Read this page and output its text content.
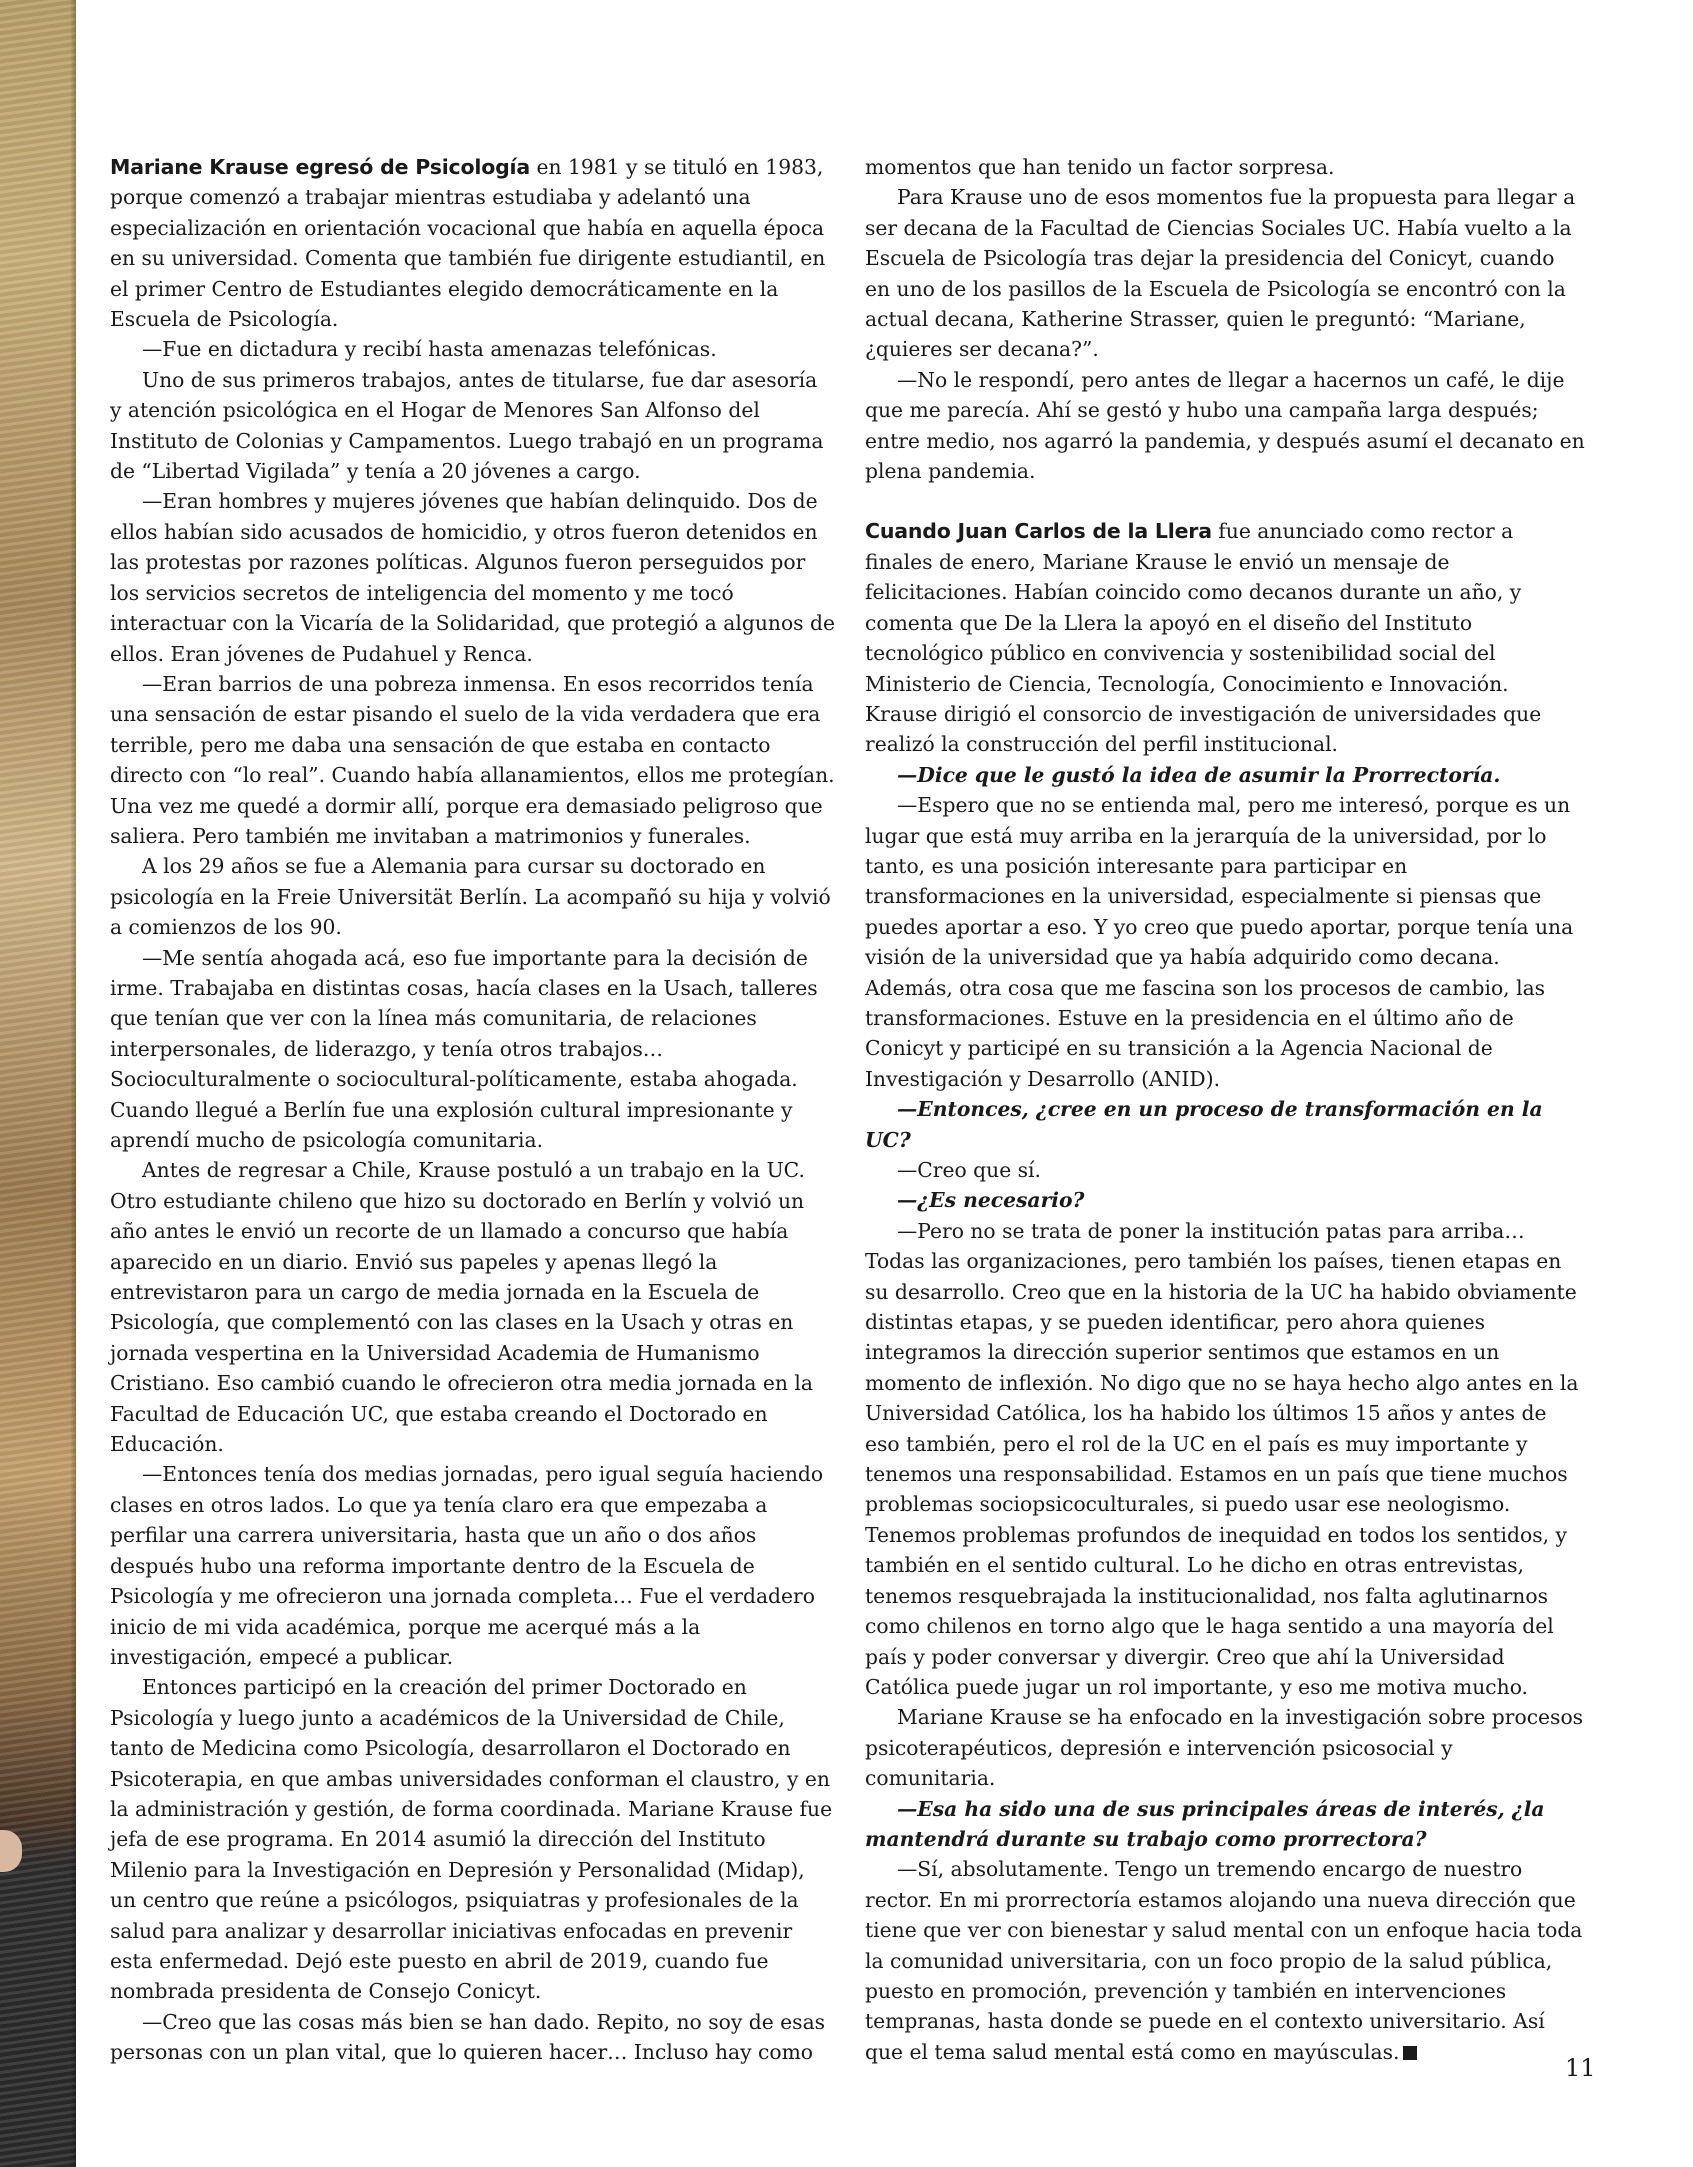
Mariane Krause egresó de Psicología en 1981 y se tituló en 1983, porque comenzó a trabajar mientras estudiaba y adelantó una especialización en orientación vocacional que había en aquella época en su universidad. Comenta que también fue dirigente estudiantil, en el primer Centro de Estudiantes elegido democráticamente en la Escuela de Psicología.

—Fue en dictadura y recibí hasta amenazas telefónicas.

Uno de sus primeros trabajos, antes de titularse, fue dar asesoría y atención psicológica en el Hogar de Menores San Alfonso del Instituto de Colonias y Campamentos. Luego trabajó en un programa de “Libertad Vigilada” y tenía a 20 jóvenes a cargo.

—Eran hombres y mujeres jóvenes que habían delinquido. Dos de ellos habían sido acusados de homicidio, y otros fueron detenidos en las protestas por razones políticas. Algunos fueron perseguidos por los servicios secretos de inteligencia del momento y me tocó interactuar con la Vicaría de la Solidaridad, que protegió a algunos de ellos. Eran jóvenes de Pudahuel y Renca.

—Eran barrios de una pobreza inmensa. En esos recorridos tenía una sensación de estar pisando el suelo de la vida verdadera que era terrible, pero me daba una sensación de que estaba en contacto directo con “lo real”. Cuando había allanamientos, ellos me protegían. Una vez me quedé a dormir allí, porque era demasiado peligroso que saliera. Pero también me invitaban a matrimonios y funerales.

A los 29 años se fue a Alemania para cursar su doctorado en psicología en la Freie Universität Berlín. La acompañó su hija y volvió a comienzos de los 90.

—Me sentía ahogada acá, eso fue importante para la decisión de irme. Trabajaba en distintas cosas, hacía clases en la Usach, talleres que tenían que ver con la línea más comunitaria, de relaciones interpersonales, de liderazgo, y tenía otros trabajos… Socioculturalmente o sociocultural-políticamente, estaba ahogada. Cuando llegué a Berlín fue una explosión cultural impresionante y aprendí mucho de psicología comunitaria.

Antes de regresar a Chile, Krause postuló a un trabajo en la UC. Otro estudiante chileno que hizo su doctorado en Berlín y volvió un año antes le envió un recorte de un llamado a concurso que había aparecido en un diario. Envió sus papeles y apenas llegó la entrevistaron para un cargo de media jornada en la Escuela de Psicología, que complementó con las clases en la Usach y otras en jornada vespertina en la Universidad Academia de Humanismo Cristiano. Eso cambió cuando le ofrecieron otra media jornada en la Facultad de Educación UC, que estaba creando el Doctorado en Educación.

—Entonces tenía dos medias jornadas, pero igual seguía haciendo clases en otros lados. Lo que ya tenía claro era que empezaba a perfilar una carrera universitaria, hasta que un año o dos años después hubo una reforma importante dentro de la Escuela de Psicología y me ofrecieron una jornada completa… Fue el verdadero inicio de mi vida académica, porque me acerqué más a la investigación, empecé a publicar.

Entonces participó en la creación del primer Doctorado en Psicología y luego junto a académicos de la Universidad de Chile, tanto de Medicina como Psicología, desarrollaron el Doctorado en Psicoterapia, en que ambas universidades conforman el claustro, y en la administración y gestión, de forma coordinada. Mariane Krause fue jefa de ese programa. En 2014 asumió la dirección del Instituto Milenio para la Investigación en Depresión y Personalidad (Midap), un centro que reúne a psicólogos, psiquiatras y profesionales de la salud para analizar y desarrollar iniciativas enfocadas en prevenir esta enfermedad. Dejó este puesto en abril de 2019, cuando fue nombrada presidenta de Consejo Conicyt.

—Creo que las cosas más bien se han dado. Repito, no soy de esas personas con un plan vital, que lo quieren hacer… Incluso hay como

momentos que han tenido un factor sorpresa.

Para Krause uno de esos momentos fue la propuesta para llegar a ser decana de la Facultad de Ciencias Sociales UC. Había vuelto a la Escuela de Psicología tras dejar la presidencia del Conicyt, cuando en uno de los pasillos de la Escuela de Psicología se encontró con la actual decana, Katherine Strasser, quien le preguntó: “Mariane, ¿quieres ser decana?”.

—No le respondí, pero antes de llegar a hacernos un café, le dije que me parecía. Ahí se gestó y hubo una campaña larga después; entre medio, nos agarró la pandemia, y después asumí el decanato en plena pandemia.

Cuando Juan Carlos de la Llera fue anunciado como rector a finales de enero, Mariane Krause le envió un mensaje de felicitaciones. Habían coincido como decanos durante un año, y comenta que De la Llera la apoyó en el diseño del Instituto tecnológico público en convivencia y sostenibilidad social del Ministerio de Ciencia, Tecnología, Conocimiento e Innovación. Krause dirigió el consorcio de investigación de universidades que realizó la construcción del perfil institucional.

—Dice que le gustó la idea de asumir la Prorrectoría.

—Espero que no se entienda mal, pero me interesó, porque es un lugar que está muy arriba en la jerarquía de la universidad, por lo tanto, es una posición interesante para participar en transformaciones en la universidad, especialmente si piensas que puedes aportar a eso. Y yo creo que puedo aportar, porque tenía una visión de la universidad que ya había adquirido como decana. Además, otra cosa que me fascina son los procesos de cambio, las transformaciones. Estuve en la presidencia en el último año de Conicyt y participé en su transición a la Agencia Nacional de Investigación y Desarrollo (ANID).

—Entonces, ¿cree en un proceso de transformación en la UC?

—Creo que sí.

—¿Es necesario?

—Pero no se trata de poner la institución patas para arriba… Todas las organizaciones, pero también los países, tienen etapas en su desarrollo. Creo que en la historia de la UC ha habido obviamente distintas etapas, y se pueden identificar, pero ahora quienes integramos la dirección superior sentimos que estamos en un momento de inflexión. No digo que no se haya hecho algo antes en la Universidad Católica, los ha habido los últimos 15 años y antes de eso también, pero el rol de la UC en el país es muy importante y tenemos una responsabilidad. Estamos en un país que tiene muchos problemas sociopsicoculturales, si puedo usar ese neologismo. Tenemos problemas profundos de inequidad en todos los sentidos, y también en el sentido cultural. Lo he dicho en otras entrevistas, tenemos resquebrajada la institucionalidad, nos falta aglutinarnos como chilenos en torno algo que le haga sentido a una mayoría del país y poder conversar y divergir. Creo que ahí la Universidad Católica puede jugar un rol importante, y eso me motiva mucho.

Mariane Krause se ha enfocado en la investigación sobre procesos psicoterapéuticos, depresión e intervención psicosocial y comunitaria.

—Esa ha sido una de sus principales áreas de interés, ¿la mantendrá durante su trabajo como prorrectora?

—Sí, absolutamente. Tengo un tremendo encargo de nuestro rector. En mi prorrectoría estamos alojando una nueva dirección que tiene que ver con bienestar y salud mental con un enfoque hacia toda la comunidad universitaria, con un foco propio de la salud pública, puesto en promoción, prevención y también en intervenciones tempranas, hasta donde se puede en el contexto universitario. Así que el tema salud mental está como en mayúsculas.

11
